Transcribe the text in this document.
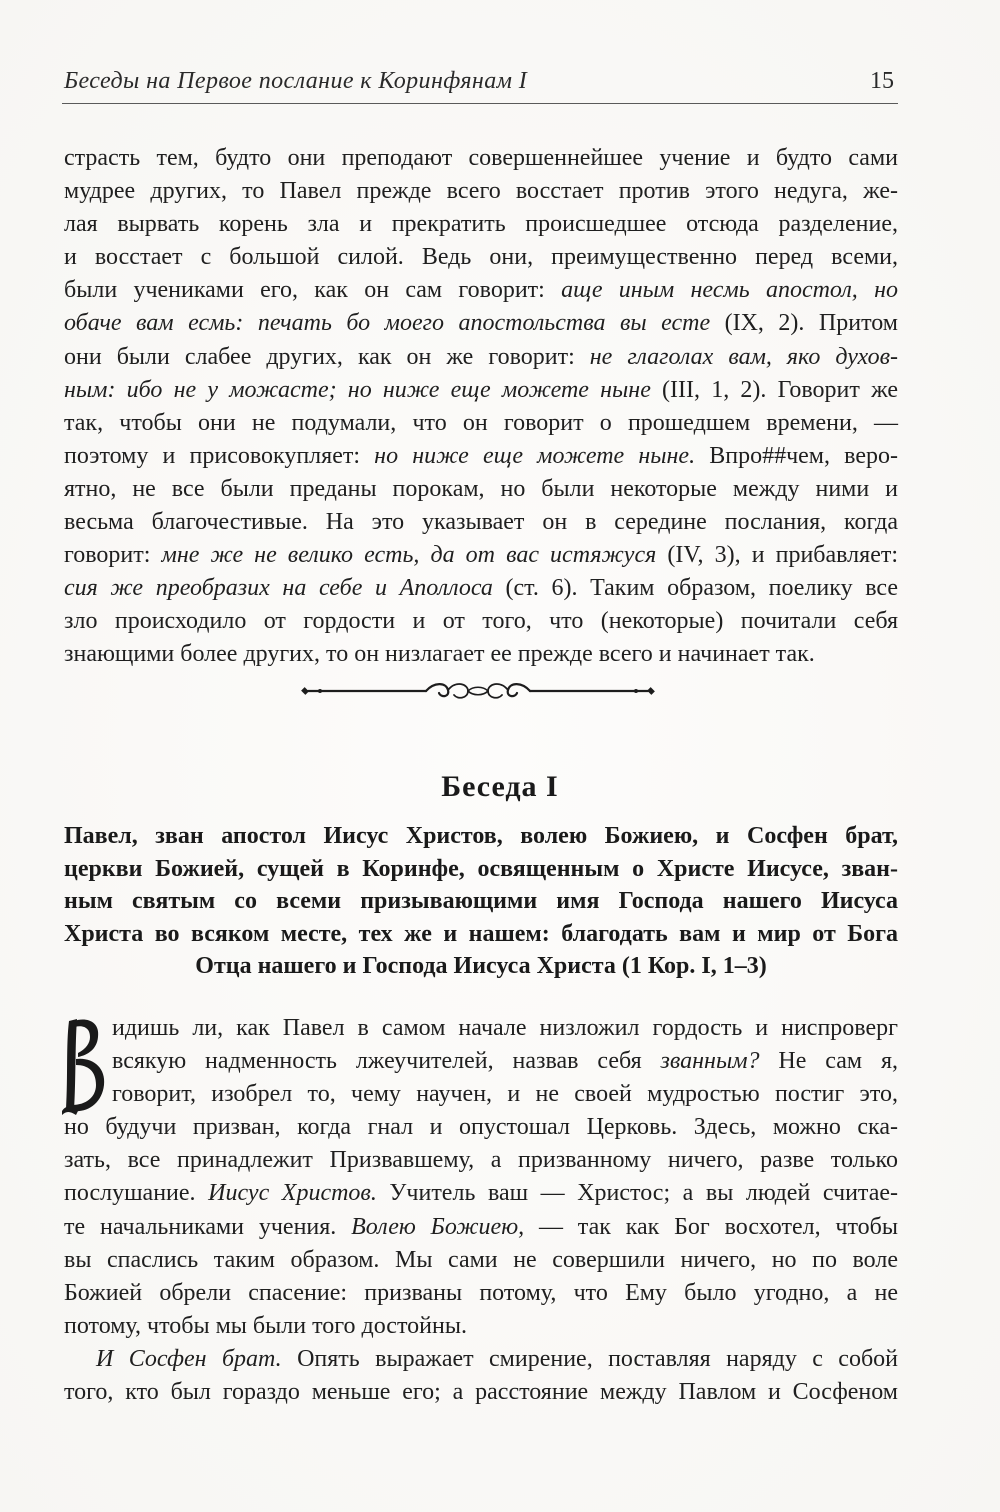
Беседы на Первое послание к Коринфянам I	15
страсть тем, будто они преподают совершеннейшее учение и будто сами
мудрее других, то Павел прежде всего восстает против этого недуга, же-
лая вырвать корень зла и прекратить происшедшее отсюда разделение,
и восстает с большой силой. Ведь они, преимущественно перед всеми,
были учениками его, как он сам говорит: аще иным несмь апостол, но
обаче вам есмь: печать бо моего апостольства вы есте (IX, 2). Притом
они были слабее других, как он же говорит: не глаголах вам, яко духов-
ным: ибо не у можасте; но ниже еще можете ныне (III, 1, 2). Говорит же
так, чтобы они не подумали, что он говорит о прошедшем времени, —
поэтому и присовокупляет: но ниже еще можете ныне. Впро##чем, веро-
ятно, не все были преданы порокам, но были некоторые между ними и
весьма благочестивые. На это указывает он в середине послания, когда
говорит: мне же не велико есть, да от вас истяжуся (IV, 3), и прибавляет:
сия же преобразих на себе и Аполлоса (ст. 6). Таким образом, поелику все
зло происходило от гордости и от того, что (некоторые) почитали себя
знающими более других, то он низлагает ее прежде всего и начинает так.
Беседа I
Павел, зван апостол Иисус Христов, волею Божиею, и Сосфен брат,
церкви Божией, сущей в Коринфе, освященным о Христе Иисусе, зван-
ным святым со всеми призывающими имя Господа нашего Иисуса
Христа во всяком месте, тех же и нашем: благодать вам и мир от Бога
Отца нашего и Господа Иисуса Христа (1 Кор. I, 1–3)
В
идишь ли, как Павел в самом начале низложил гордость и ниспроверг
всякую надменность лжеучителей, назвав себя званным? Не сам я,
говорит, изобрел то, чему научен, и не своей мудростью постиг это,
но будучи призван, когда гнал и опустошал Церковь. Здесь, можно ска-
зать, все принадлежит Призвавшему, а призванному ничего, разве только
послушание. Иисус Христов. Учитель ваш — Христос; а вы людей считае-
те начальниками учения. Волею Божиею, — так как Бог восхотел, чтобы
вы спаслись таким образом. Мы сами не совершили ничего, но по воле
Божией обрели спасение: призваны потому, что Ему было угодно, а не
потому, чтобы мы были того достойны.
И Сосфен брат. Опять выражает смирение, поставляя наряду с собой
того, кто был гораздо меньше его; а расстояние между Павлом и Сосфеном
